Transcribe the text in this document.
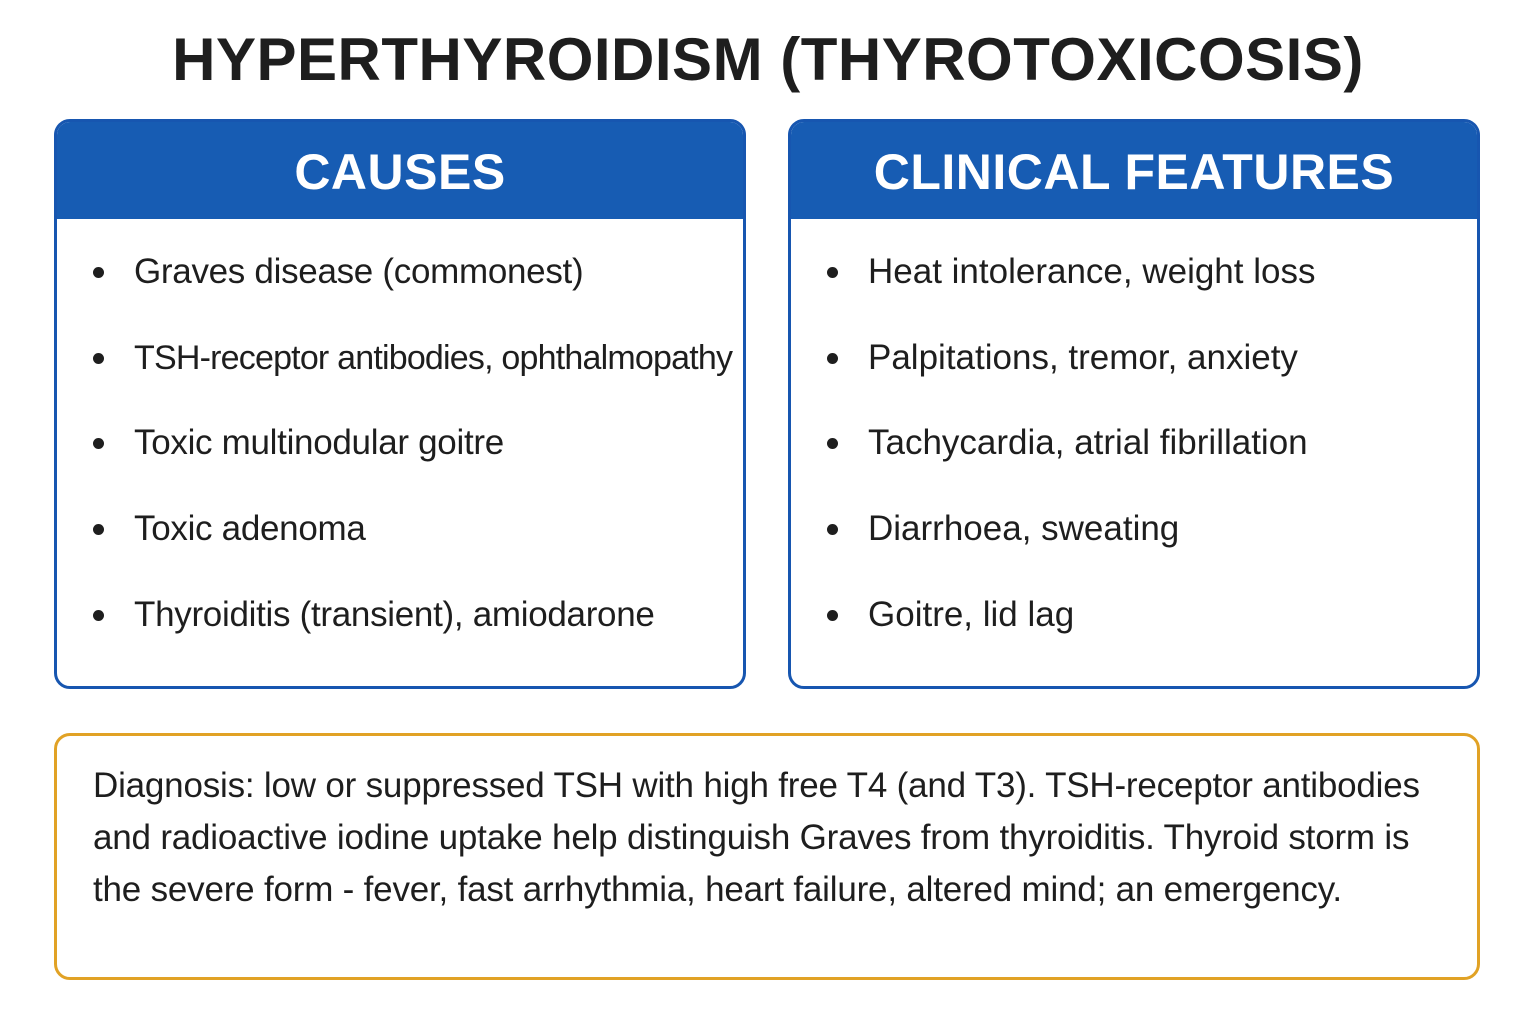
HYPERTHYROIDISM (THYROTOXICOSIS)
CAUSES
Graves disease (commonest)
TSH-receptor antibodies, ophthalmopathy
Toxic multinodular goitre
Toxic adenoma
Thyroiditis (transient), amiodarone
CLINICAL FEATURES
Heat intolerance, weight loss
Palpitations, tremor, anxiety
Tachycardia, atrial fibrillation
Diarrhoea, sweating
Goitre, lid lag

Diagnosis: low or suppressed TSH with high free T4 (and T3). TSH-receptor antibodies and radioactive iodine uptake help distinguish Graves from thyroiditis. Thyroid storm is the severe form - fever, fast arrhythmia, heart failure, altered mind; an emergency.
